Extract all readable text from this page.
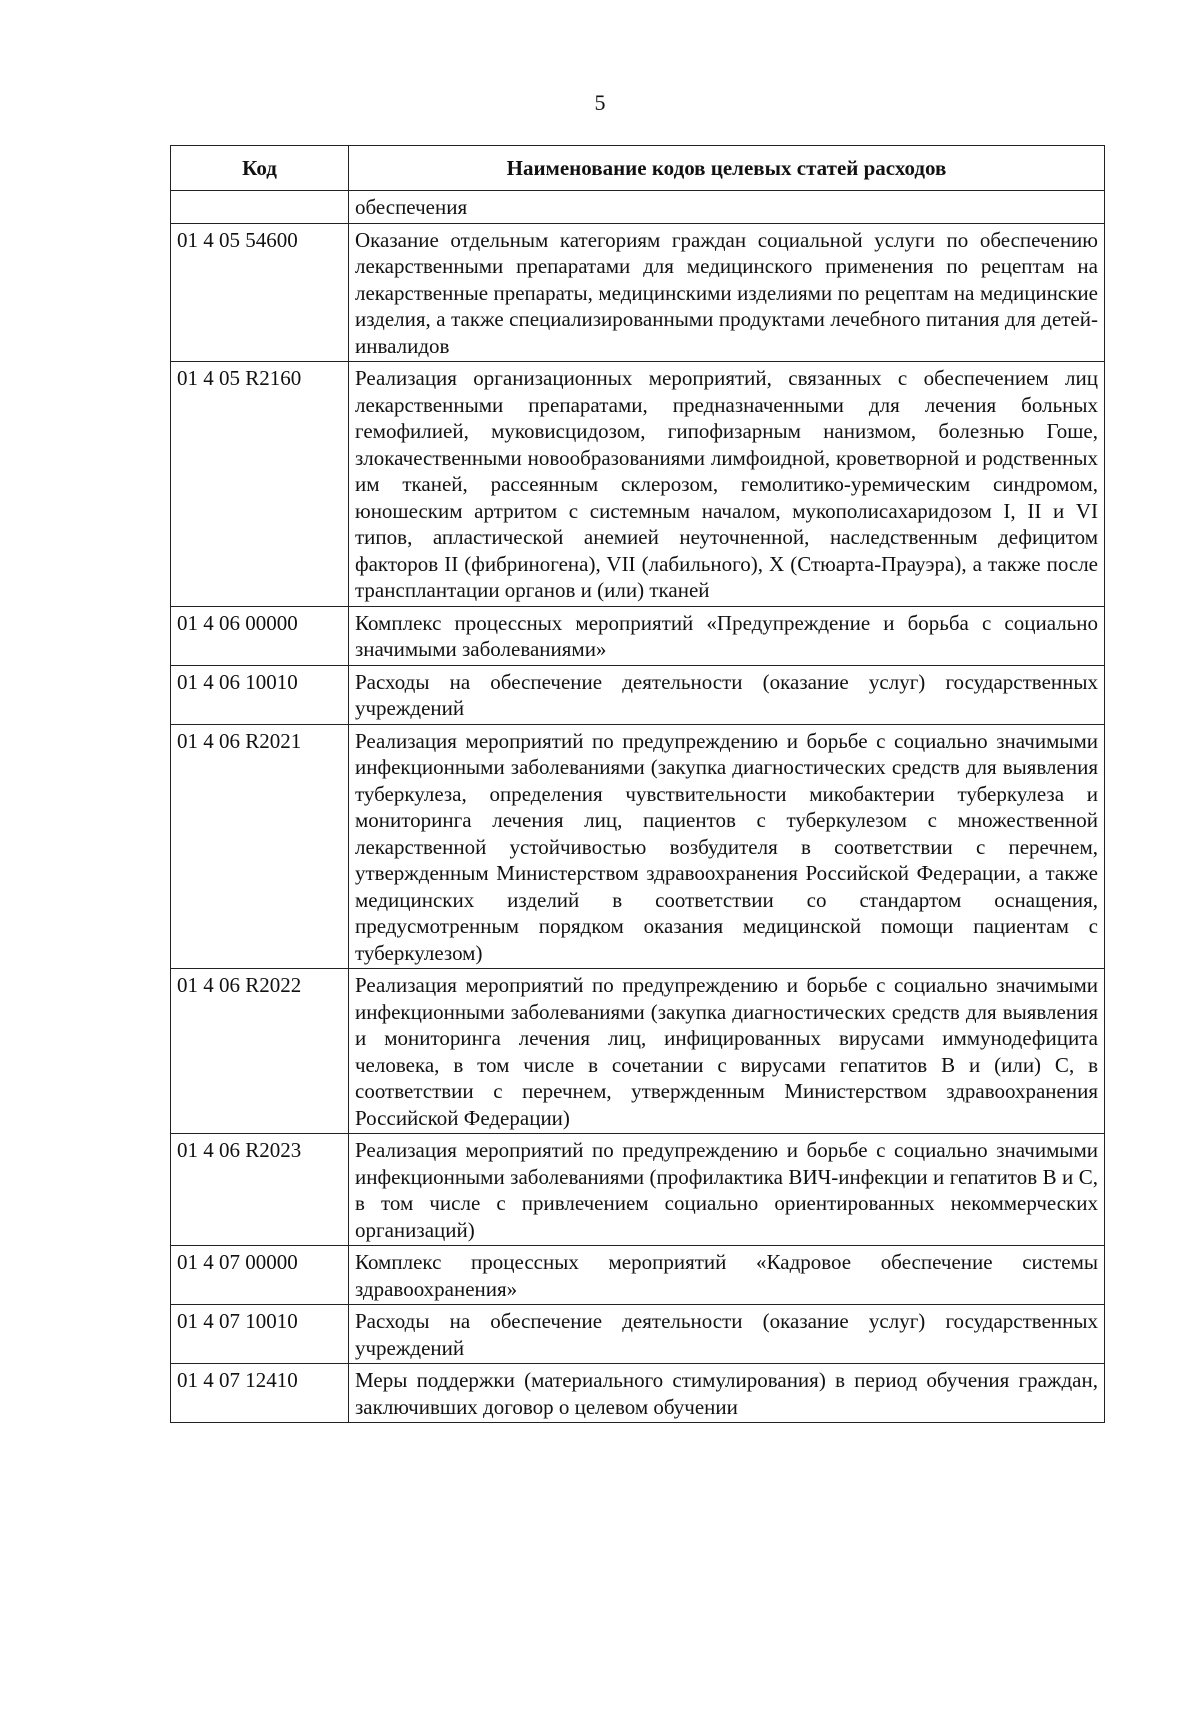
5
Код	Наименование кодов целевых статей расходов
	обеспечения
01 4 05 54600	Оказание отдельным категориям граждан социальной услуги по обеспечению лекарственными препаратами для медицинского применения по рецептам на лекарственные препараты, медицинскими изделиями по рецептам на медицинские изделия, а также специализированными продуктами лечебного питания для детей-инвалидов
01 4 05 R2160	Реализация организационных мероприятий, связанных с обеспечением лиц лекарственными препаратами, предназначенными для лечения больных гемофилией, муковисцидозом, гипофизарным нанизмом, болезнью Гоше, злокачественными новообразованиями лимфоидной, кроветворной и родственных им тканей, рассеянным склерозом, гемолитико-уремическим синдромом, юношеским артритом с системным началом, мукополисахаридозом I, II и VI типов, апластической анемией неуточненной, наследственным дефицитом факторов II (фибриногена), VII (лабильного), X (Стюарта-Прауэра), а также после трансплантации органов и (или) тканей
01 4 06 00000	Комплекс процессных мероприятий «Предупреждение и борьба с социально значимыми заболеваниями»
01 4 06 10010	Расходы на обеспечение деятельности (оказание услуг) государственных учреждений
01 4 06 R2021	Реализация мероприятий по предупреждению и борьбе с социально значимыми инфекционными заболеваниями (закупка диагностических средств для выявления туберкулеза, определения чувствительности микобактерии туберкулеза и мониторинга лечения лиц, пациентов с туберкулезом с множественной лекарственной устойчивостью возбудителя в соответствии с перечнем, утвержденным Министерством здравоохранения Российской Федерации, а также медицинских изделий в соответствии со стандартом оснащения, предусмотренным порядком оказания медицинской помощи пациентам с туберкулезом)
01 4 06 R2022	Реализация мероприятий по предупреждению и борьбе с социально значимыми инфекционными заболеваниями (закупка диагностических средств для выявления и мониторинга лечения лиц, инфицированных вирусами иммунодефицита человека, в том числе в сочетании с вирусами гепатитов B и (или) C, в соответствии с перечнем, утвержденным Министерством здравоохранения Российской Федерации)
01 4 06 R2023	Реализация мероприятий по предупреждению и борьбе с социально значимыми инфекционными заболеваниями (профилактика ВИЧ-инфекции и гепатитов B и C, в том числе с привлечением социально ориентированных некоммерческих организаций)
01 4 07 00000	Комплекс процессных мероприятий «Кадровое обеспечение системы здравоохранения»
01 4 07 10010	Расходы на обеспечение деятельности (оказание услуг) государственных учреждений
01 4 07 12410	Меры поддержки (материального стимулирования) в период обучения граждан, заключивших договор о целевом обучении
